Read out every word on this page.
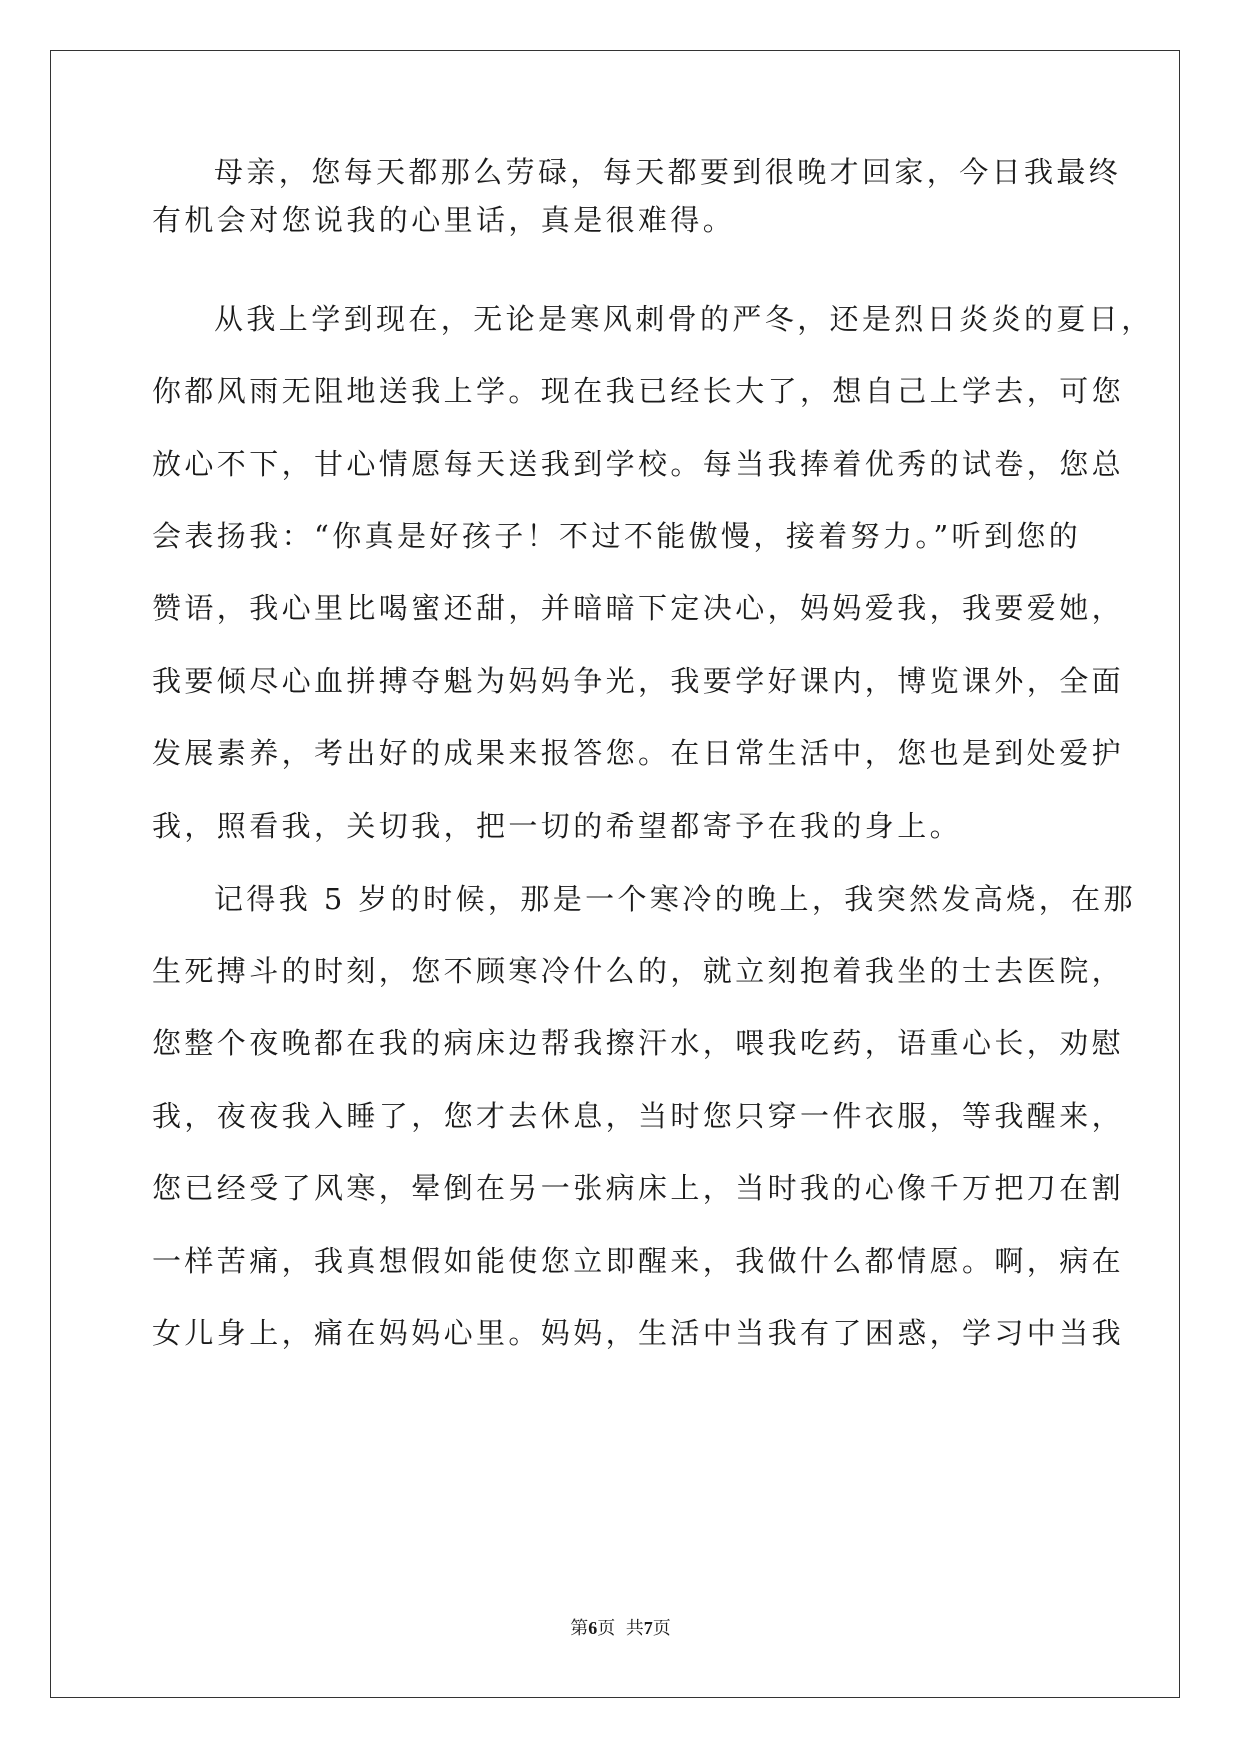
母亲，您每天都那么劳碌，每天都要到很晚才回家，今日我最终
有机会对您说我的心里话，真是很难得。
从我上学到现在，无论是寒风刺骨的严冬，还是烈日炎炎的夏日，
你都风雨无阻地送我上学。现在我已经长大了，想自己上学去，可您
放心不下，甘心情愿每天送我到学校。每当我捧着优秀的试卷，您总
会表扬我：“你真是好孩子！不过不能傲慢，接着努力。”听到您的
赞语，我心里比喝蜜还甜，并暗暗下定决心，妈妈爱我，我要爱她，
我要倾尽心血拼搏夺魁为妈妈争光，我要学好课内，博览课外，全面
发展素养，考出好的成果来报答您。在日常生活中，您也是到处爱护
我，照看我，关切我，把一切的希望都寄予在我的身上。
记得我 5 岁的时候，那是一个寒冷的晚上，我突然发高烧，在那
生死搏斗的时刻，您不顾寒冷什么的，就立刻抱着我坐的士去医院，
您整个夜晚都在我的病床边帮我擦汗水，喂我吃药，语重心长，劝慰
我，夜夜我入睡了，您才去休息，当时您只穿一件衣服，等我醒来，
您已经受了风寒，晕倒在另一张病床上，当时我的心像千万把刀在割
一样苦痛，我真想假如能使您立即醒来，我做什么都情愿。啊，病在
女儿身上，痛在妈妈心里。妈妈，生活中当我有了困惑，学习中当我
第6页 共7页
